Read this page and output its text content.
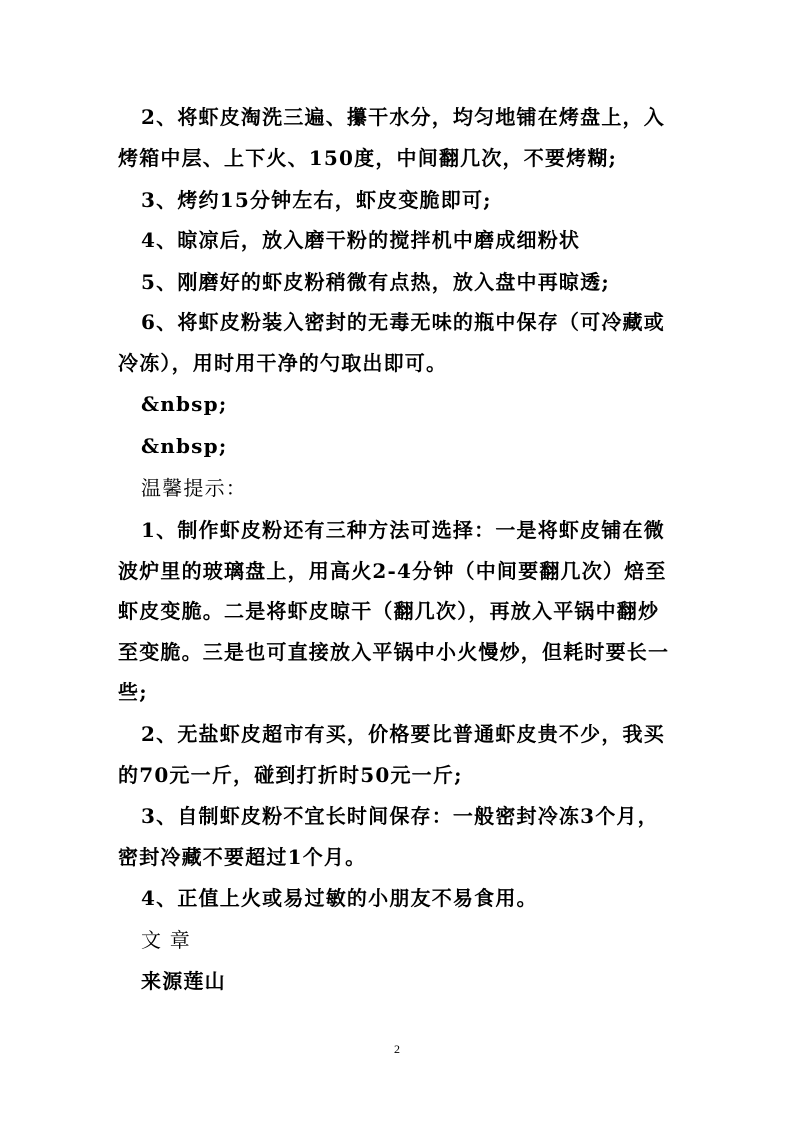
2、将虾皮淘洗三遍、攥干水分，均匀地铺在烤盘上，入烤箱中层、上下火、150度，中间翻几次，不要烤糊;

3、烤约15分钟左右，虾皮变脆即可;

4、晾凉后，放入磨干粉的搅拌机中磨成细粉状

5、刚磨好的虾皮粉稍微有点热，放入盘中再晾透;

6、将虾皮粉装入密封的无毒无味的瓶中保存（可冷藏或冷冻），用时用干净的勺取出即可。

&nbsp;

&nbsp;

温馨提示：

1、制作虾皮粉还有三种方法可选择：一是将虾皮铺在微波炉里的玻璃盘上，用高火2-4分钟（中间要翻几次）焙至虾皮变脆。二是将虾皮晾干（翻几次），再放入平锅中翻炒至变脆。三是也可直接放入平锅中小火慢炒，但耗时要长一些;

2、无盐虾皮超市有买，价格要比普通虾皮贵不少，我买的70元一斤，碰到打折时50元一斤;

3、自制虾皮粉不宜长时间保存：一般密封冷冻3个月，密封冷藏不要超过1个月。

4、正值上火或易过敏的小朋友不易食用。

文 章

来源莲山

2
